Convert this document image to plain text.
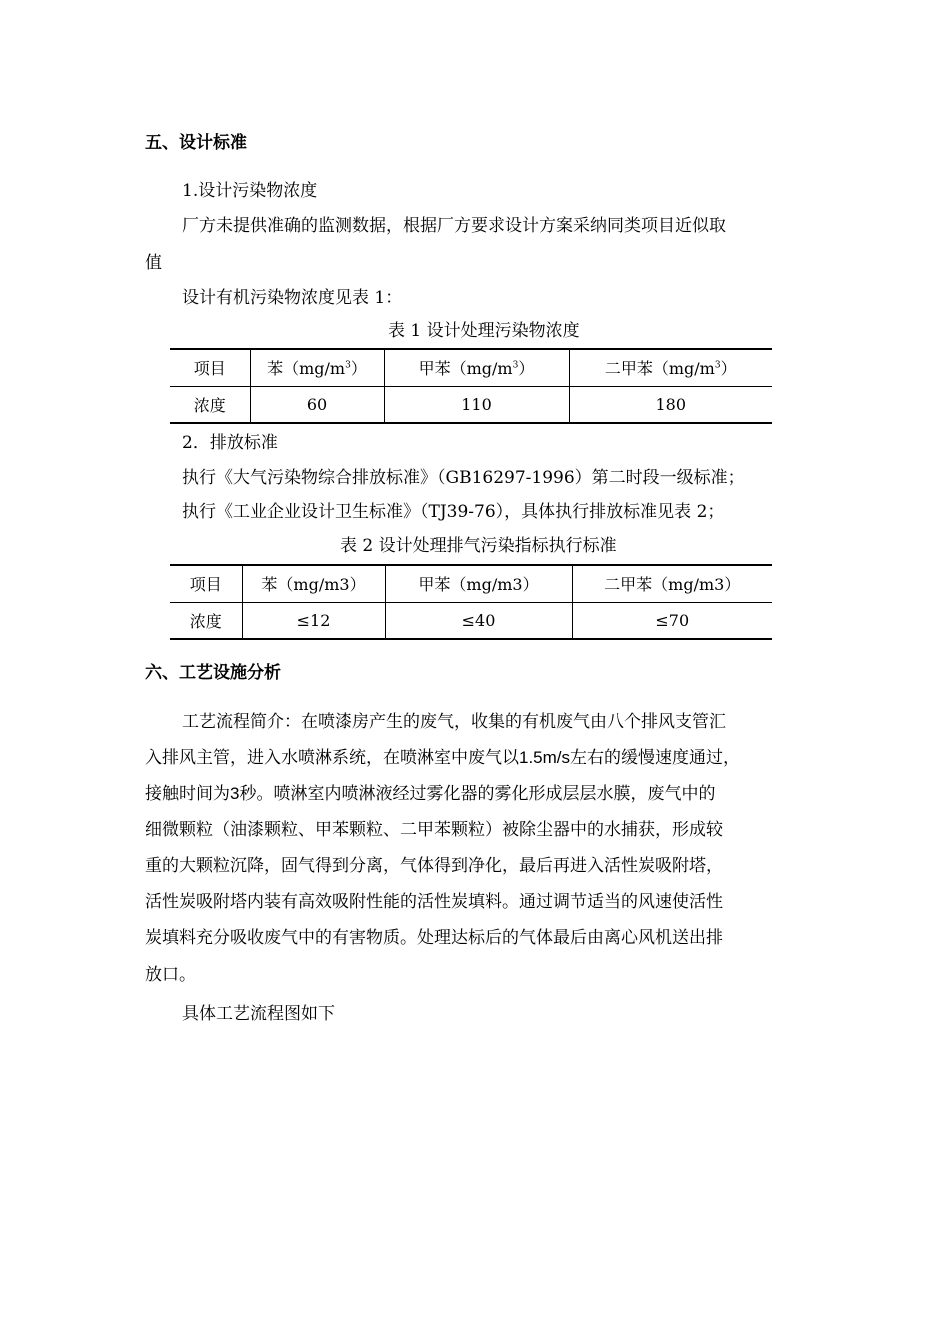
五、设计标准
1.设计污染物浓度
厂方未提供准确的监测数据，根据厂方要求设计方案采纳同类项目近似取
值
设计有机污染物浓度见表 1：
表 1 设计处理污染物浓度
项目	苯$(mg/m^3)$	甲苯$(mg/m^3)$	二甲苯$(mg/m^3)$
浓度	60	110	180
2．排放标准
执行《大气污染物综合排放标准》（GB16297-1996）第二时段一级标准；
执行《工业企业设计卫生标准》（TJ39-76），具体执行排放标准见表 2；
表 2 设计处理排气污染指标执行标准
项目	苯（mg/m3）	甲苯（mg/m3）	二甲苯（mg/m3）
浓度	≤12	≤40	≤70
六、工艺设施分析
工艺流程简介：在喷漆房产生的废气，收集的有机废气由八个排风支管汇
入排风主管，进入水喷淋系统，在喷淋室中废气以1.5m/s左右的缓慢速度通过，
接触时间为3秒。喷淋室内喷淋液经过雾化器的雾化形成层层水膜，废气中的
细微颗粒（油漆颗粒、甲苯颗粒、二甲苯颗粒）被除尘器中的水捕获，形成较
重的大颗粒沉降，固气得到分离，气体得到净化，最后再进入活性炭吸附塔，
活性炭吸附塔内装有高效吸附性能的活性炭填料。通过调节适当的风速使活性
炭填料充分吸收废气中的有害物质。处理达标后的气体最后由离心风机送出排
放口。
具体工艺流程图如下
